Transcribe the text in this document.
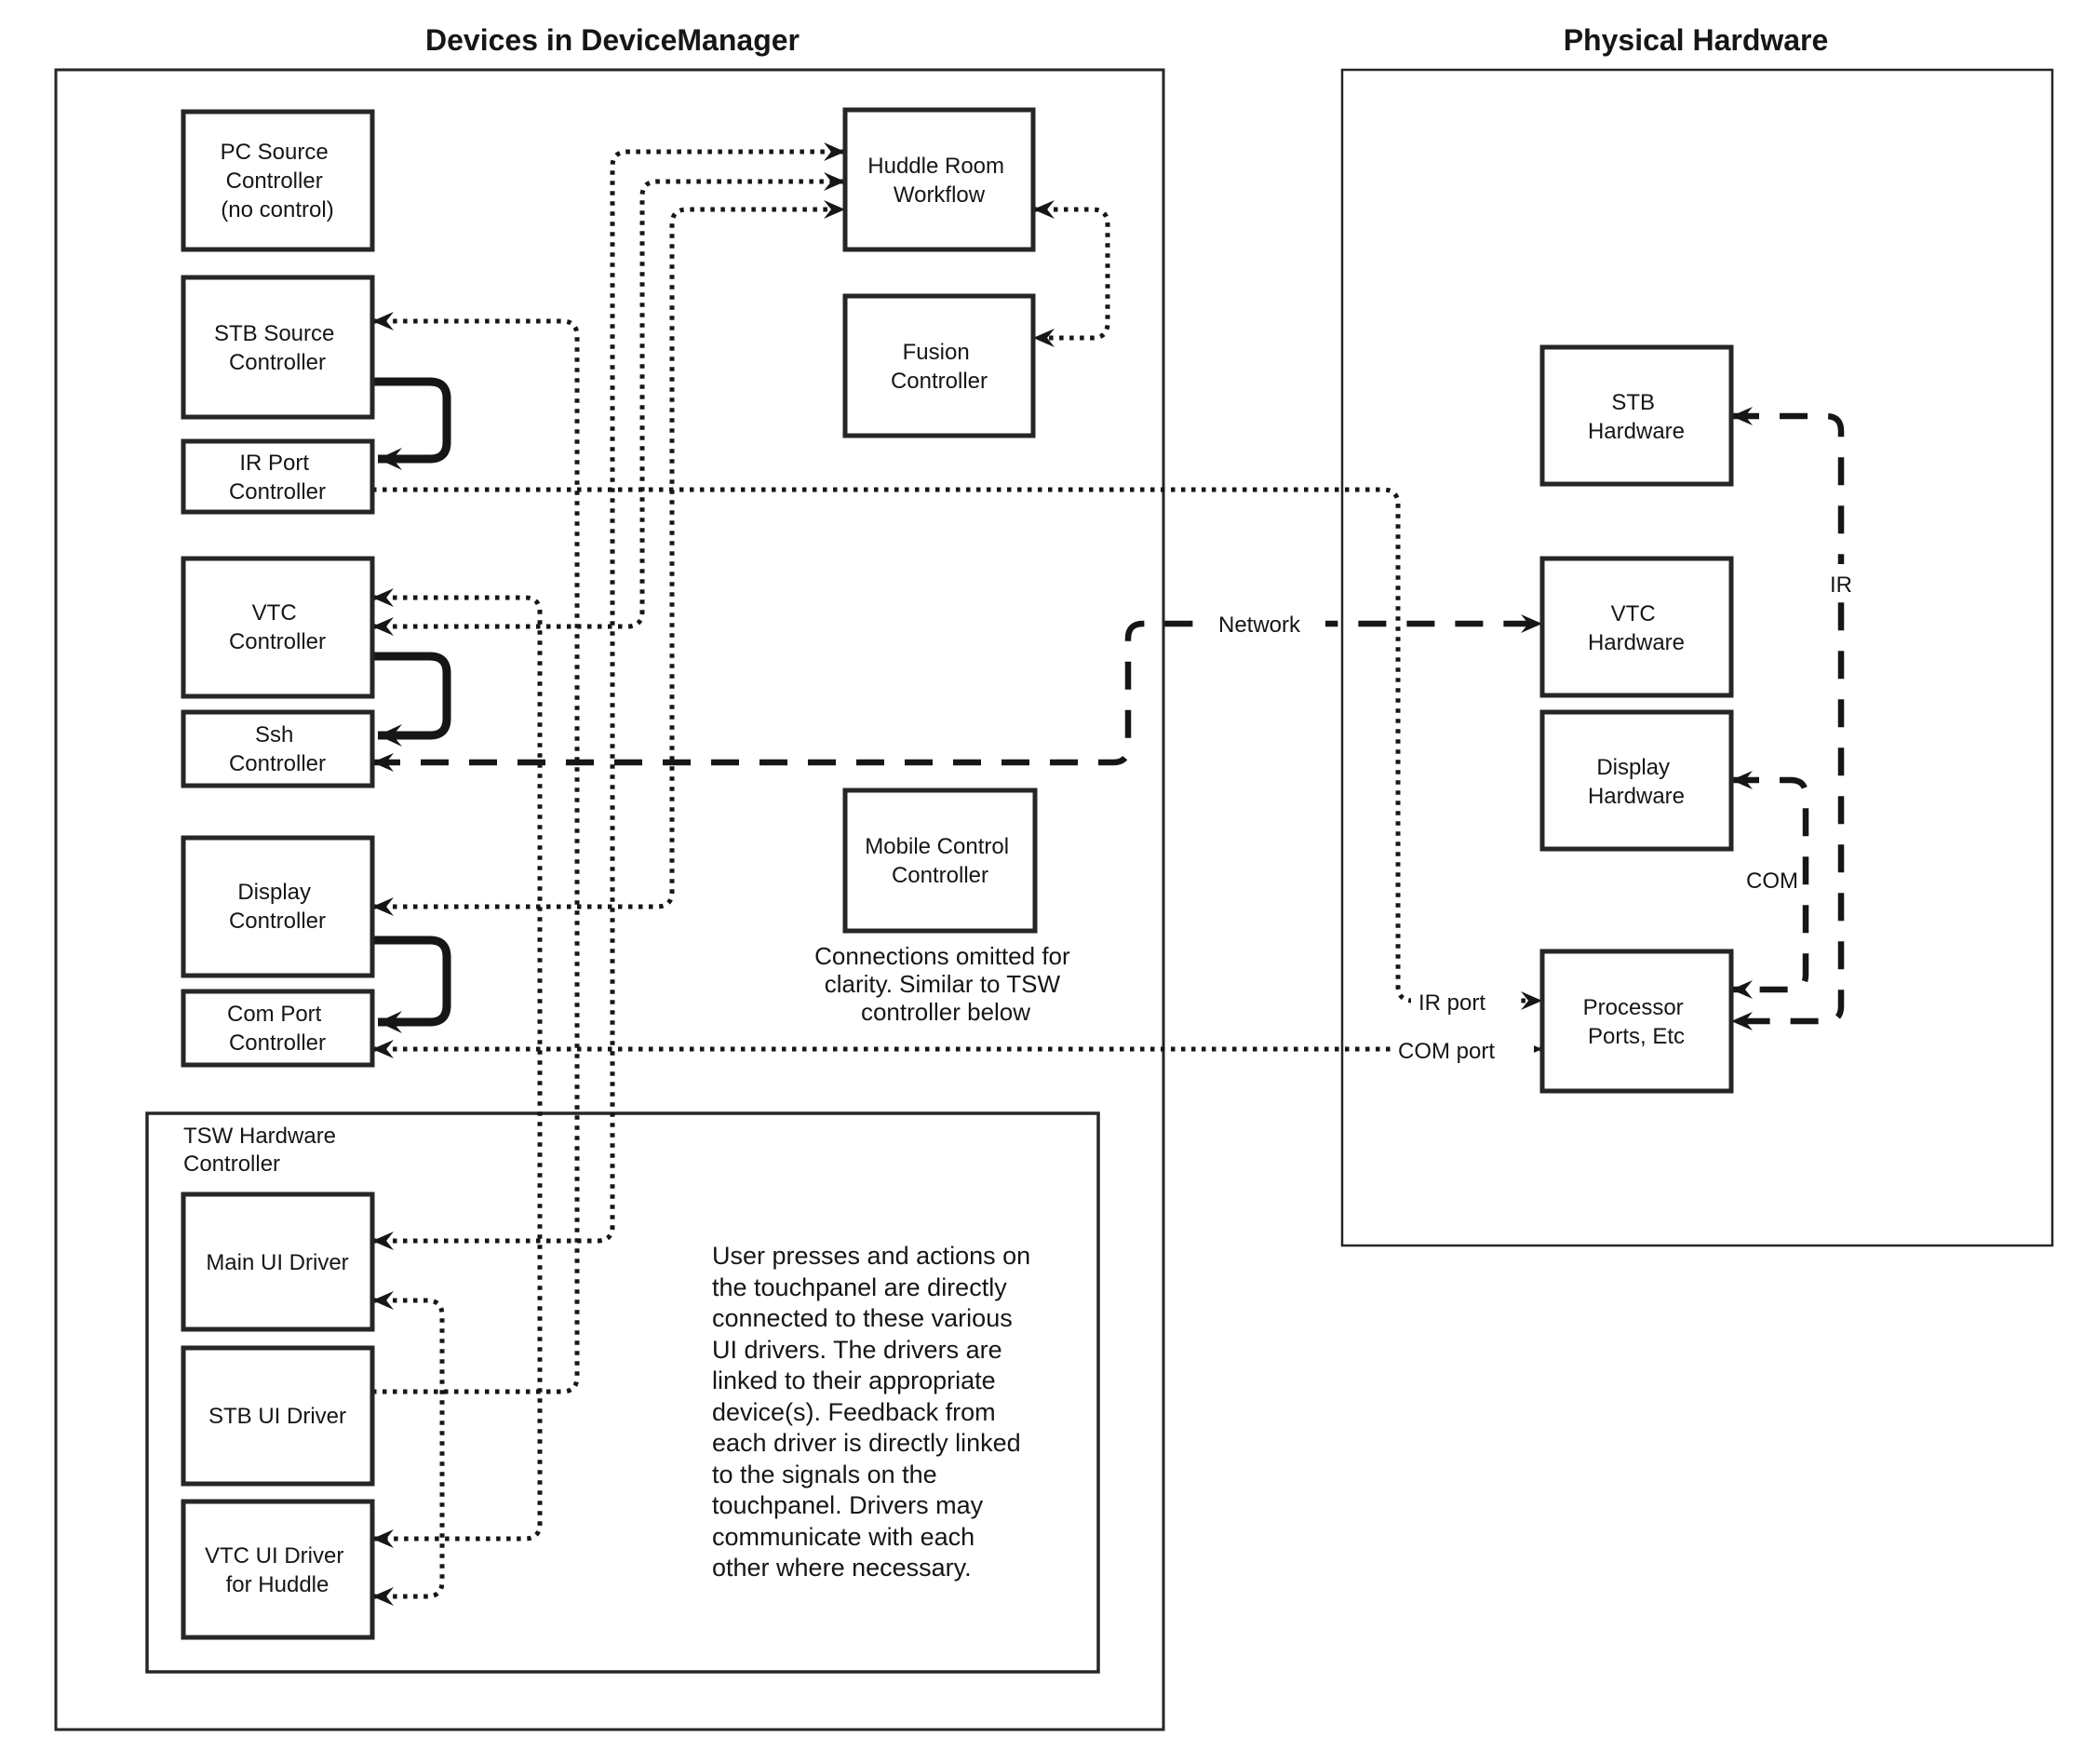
Devices in DeviceManager	Physical Hardware
Network
IR
COM
IR port
COM port
PC Source Controller (no control)
STB Source Controller
IR Port Controller
VTC Controller
Ssh Controller
Display Controller
Com Port Controller
Huddle Room Workflow
Fusion Controller
Mobile Control Controller
Connections omitted for clarity. Similar to TSW controller below
TSW Hardware Controller
Main UI Driver
STB UI Driver
VTC UI Driver for Huddle
User presses and actions on the touchpanel are directly connected to these various UI drivers. The drivers are linked to their appropriate device(s). Feedback from each driver is directly linked to the signals on the touchpanel. Drivers may communicate with each other where necessary.
STB Hardware
VTC Hardware
Display Hardware
Processor Ports, Etc
